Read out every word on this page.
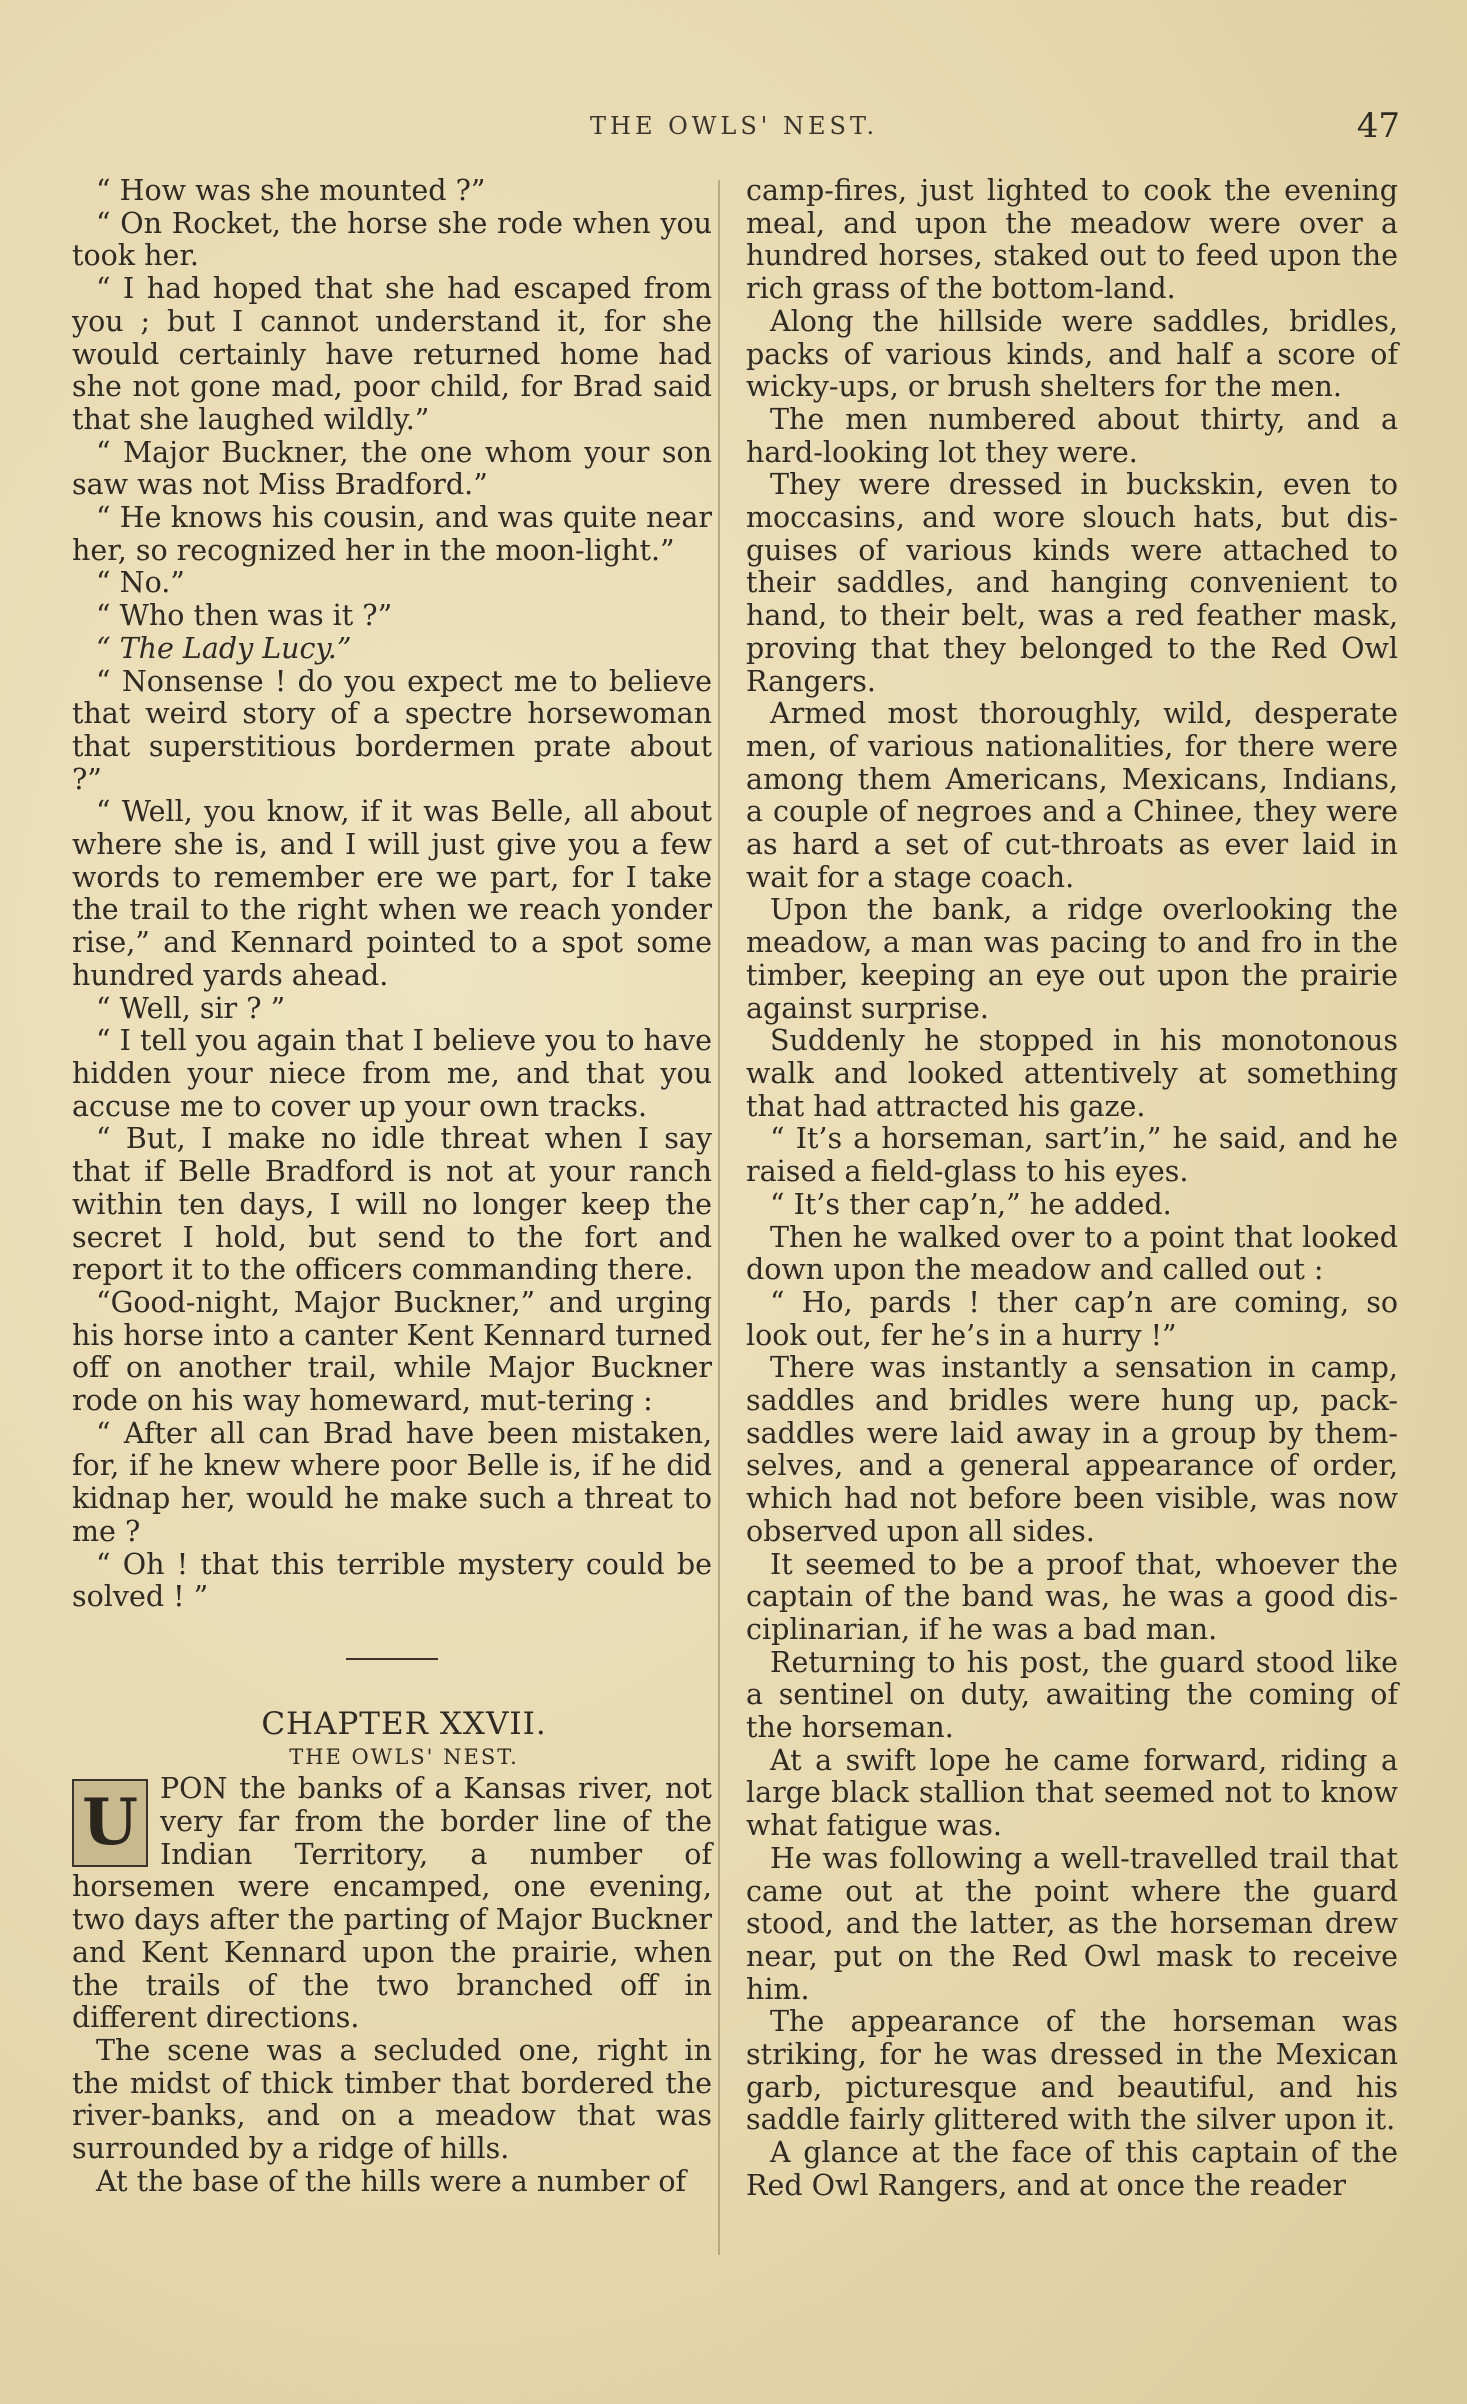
THE OWLS' NEST.	47

“ How was she mounted ?”

“ On Rocket, the horse she rode when you took her.

“ I had hoped that she had escaped from you ; but I cannot understand it, for she would certainly have returned home had she not gone mad, poor child, for Brad said that she laughed wildly.”

“ Major Buckner, the one whom your son saw was not Miss Bradford.”

“ He knows his cousin, and was quite near her, so recognized her in the moon-light.”

“ No.”

“ Who then was it ?”

“ The Lady Lucy.”

“ Nonsense ! do you expect me to believe that weird story of a spectre horsewoman that superstitious bordermen prate about ?”

“ Well, you know, if it was Belle, all about where she is, and I will just give you a few words to remember ere we part, for I take the trail to the right when we reach yonder rise,” and Kennard pointed to a spot some hundred yards ahead.

“ Well, sir ? ”

“ I tell you again that I believe you to have hidden your niece from me, and that you accuse me to cover up your own tracks.

“ But, I make no idle threat when I say that if Belle Bradford is not at your ranch within ten days, I will no longer keep the secret I hold, but send to the fort and report it to the officers commanding there.

“Good-night, Major Buckner,” and urging his horse into a canter Kent Kennard turned off on another trail, while Major Buckner rode on his way homeward, mut-tering :

“ After all can Brad have been mistaken, for, if he knew where poor Belle is, if he did kidnap her, would he make such a threat to me ?

“ Oh ! that this terrible mystery could be solved ! ”

CHAPTER XXVII.

THE OWLS' NEST.

U PON the banks of a Kansas river, not very far from the border line of the Indian Territory, a number of horsemen were encamped, one evening, two days after the parting of Major Buckner and Kent Kennard upon the prairie, when the trails of the two branched off in different directions.

The scene was a secluded one, right in the midst of thick timber that bordered the river-banks, and on a meadow that was surrounded by a ridge of hills.

At the base of the hills were a number of

camp-fires, just lighted to cook the evening meal, and upon the meadow were over a hundred horses, staked out to feed upon the rich grass of the bottom-land.

Along the hillside were saddles, bridles, packs of various kinds, and half a score of wicky-ups, or brush shelters for the men.

The men numbered about thirty, and a hard-looking lot they were.

They were dressed in buckskin, even to moccasins, and wore slouch hats, but dis-guises of various kinds were attached to their saddles, and hanging convenient to hand, to their belt, was a red feather mask, proving that they belonged to the Red Owl Rangers.

Armed most thoroughly, wild, desperate men, of various nationalities, for there were among them Americans, Mexicans, Indians, a couple of negroes and a Chinee, they were as hard a set of cut-throats as ever laid in wait for a stage coach.

Upon the bank, a ridge overlooking the meadow, a man was pacing to and fro in the timber, keeping an eye out upon the prairie against surprise.

Suddenly he stopped in his monotonous walk and looked attentively at something that had attracted his gaze.

“ It’s a horseman, sart’in,” he said, and he raised a field-glass to his eyes.

“ It’s ther cap’n,” he added.

Then he walked over to a point that looked down upon the meadow and called out :

“ Ho, pards ! ther cap’n are coming, so look out, fer he’s in a hurry !”

There was instantly a sensation in camp, saddles and bridles were hung up, pack-saddles were laid away in a group by them-selves, and a general appearance of order, which had not before been visible, was now observed upon all sides.

It seemed to be a proof that, whoever the captain of the band was, he was a good dis-ciplinarian, if he was a bad man.

Returning to his post, the guard stood like a sentinel on duty, awaiting the coming of the horseman.

At a swift lope he came forward, riding a large black stallion that seemed not to know what fatigue was.

He was following a well-travelled trail that came out at the point where the guard stood, and the latter, as the horseman drew near, put on the Red Owl mask to receive him.

The appearance of the horseman was striking, for he was dressed in the Mexican garb, picturesque and beautiful, and his saddle fairly glittered with the silver upon it.

A glance at the face of this captain of the Red Owl Rangers, and at once the reader
